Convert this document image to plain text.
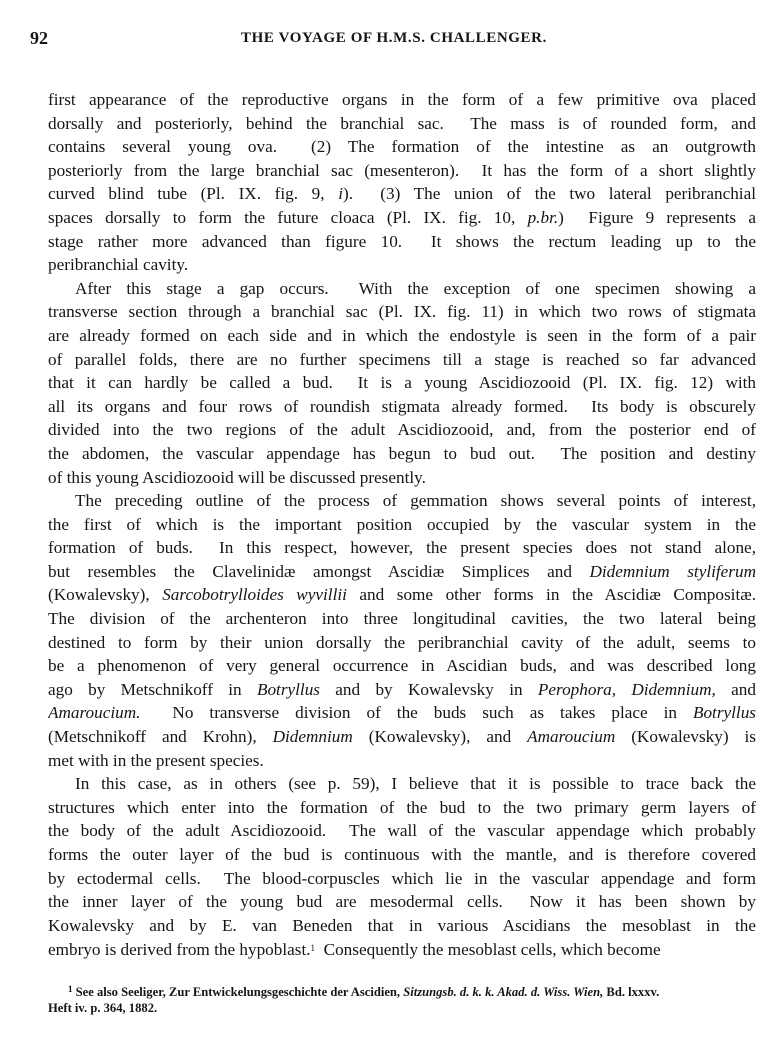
92	THE VOYAGE OF H.M.S. CHALLENGER.
first appearance of the reproductive organs in the form of a few primitive ova placed
dorsally and posteriorly, behind the branchial sac.  The mass is of rounded form, and
contains several young ova.  (2) The formation of the intestine as an outgrowth
posteriorly from the large branchial sac (mesenteron).  It has the form of a short slightly
curved blind tube (Pl. IX. fig. 9, i).  (3) The union of the two lateral peribranchial
spaces dorsally to form the future cloaca (Pl. IX. fig. 10, p.br.)  Figure 9 represents a
stage rather more advanced than figure 10.  It shows the rectum leading up to the
peribranchial cavity.
After this stage a gap occurs.  With the exception of one specimen showing a
transverse section through a branchial sac (Pl. IX. fig. 11) in which two rows of stigmata
are already formed on each side and in which the endostyle is seen in the form of a pair
of parallel folds, there are no further specimens till a stage is reached so far advanced
that it can hardly be called a bud.  It is a young Ascidiozooid (Pl. IX. fig. 12) with
all its organs and four rows of roundish stigmata already formed.  Its body is obscurely
divided into the two regions of the adult Ascidiozooid, and, from the posterior end of
the abdomen, the vascular appendage has begun to bud out.  The position and destiny
of this young Ascidiozooid will be discussed presently.
The preceding outline of the process of gemmation shows several points of interest,
the first of which is the important position occupied by the vascular system in the
formation of buds.  In this respect, however, the present species does not stand alone,
but resembles the Clavelinidæ amongst Ascidiæ Simplices and Didemnium styliferum
(Kowalevsky), Sarcobotrylloides wyvillii and some other forms in the Ascidiæ Compositæ.
The division of the archenteron into three longitudinal cavities, the two lateral being
destined to form by their union dorsally the peribranchial cavity of the adult, seems to
be a phenomenon of very general occurrence in Ascidian buds, and was described long
ago by Metschnikoff in Botryllus and by Kowalevsky in Perophora, Didemnium, and
Amaroucium.  No transverse division of the buds such as takes place in Botryllus
(Metschnikoff and Krohn), Didemnium (Kowalevsky), and Amaroucium (Kowalevsky) is
met with in the present species.
In this case, as in others (see p. 59), I believe that it is possible to trace back the
structures which enter into the formation of the bud to the two primary germ layers of
the body of the adult Ascidiozooid.  The wall of the vascular appendage which probably
forms the outer layer of the bud is continuous with the mantle, and is therefore covered
by ectodermal cells.  The blood-corpuscles which lie in the vascular appendage and form
the inner layer of the young bud are mesodermal cells.  Now it has been shown by
Kowalevsky and by E. van Beneden that in various Ascidians the mesoblast in the
embryo is derived from the hypoblast.$^1$  Consequently the mesoblast cells, which become
$^1$ See also Seeliger, Zur Entwickelungsgeschichte der Ascidien, Sitzungsb. d. k. k. Akad. d. Wiss. Wien, Bd. lxxxv.
Heft iv. p. 364, 1882.
